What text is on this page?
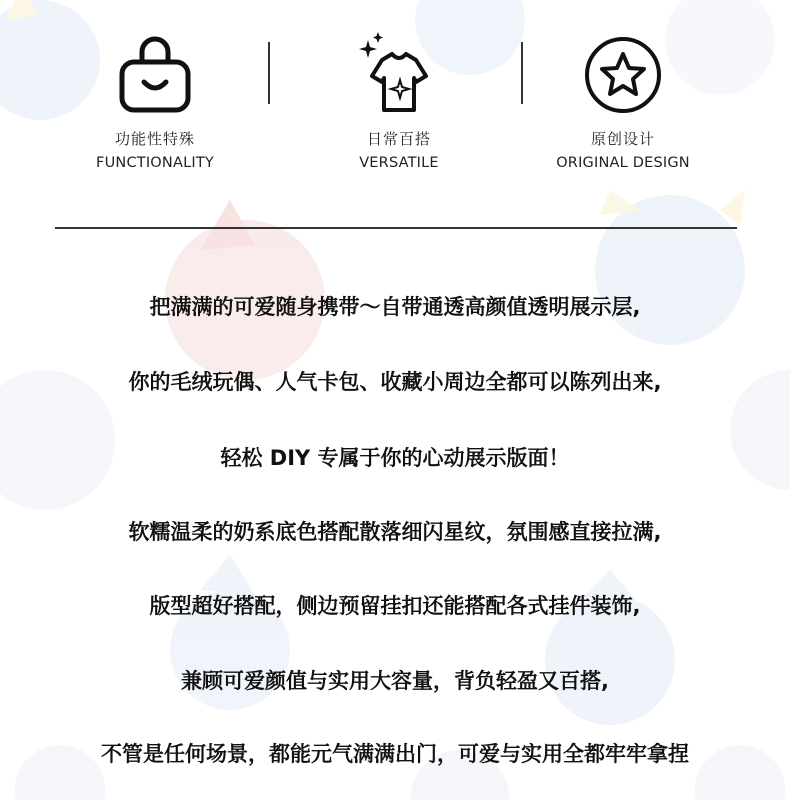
功能性特殊
FUNCTIONALITY
日常百搭
VERSATILE
原创设计
ORIGINAL DESIGN
把满满的可爱随身携带～自带通透高颜值透明展示层,
你的毛绒玩偶、人气卡包、收藏小周边全都可以陈列出来,
轻松 DIY 专属于你的心动展示版面！
软糯温柔的奶系底色搭配散落细闪星纹，氛围感直接拉满,
版型超好搭配，侧边预留挂扣还能搭配各式挂件装饰,
兼顾可爱颜值与实用大容量，背负轻盈又百搭,
不管是任何场景，都能元气满满出门，可爱与实用全都牢牢拿捏
